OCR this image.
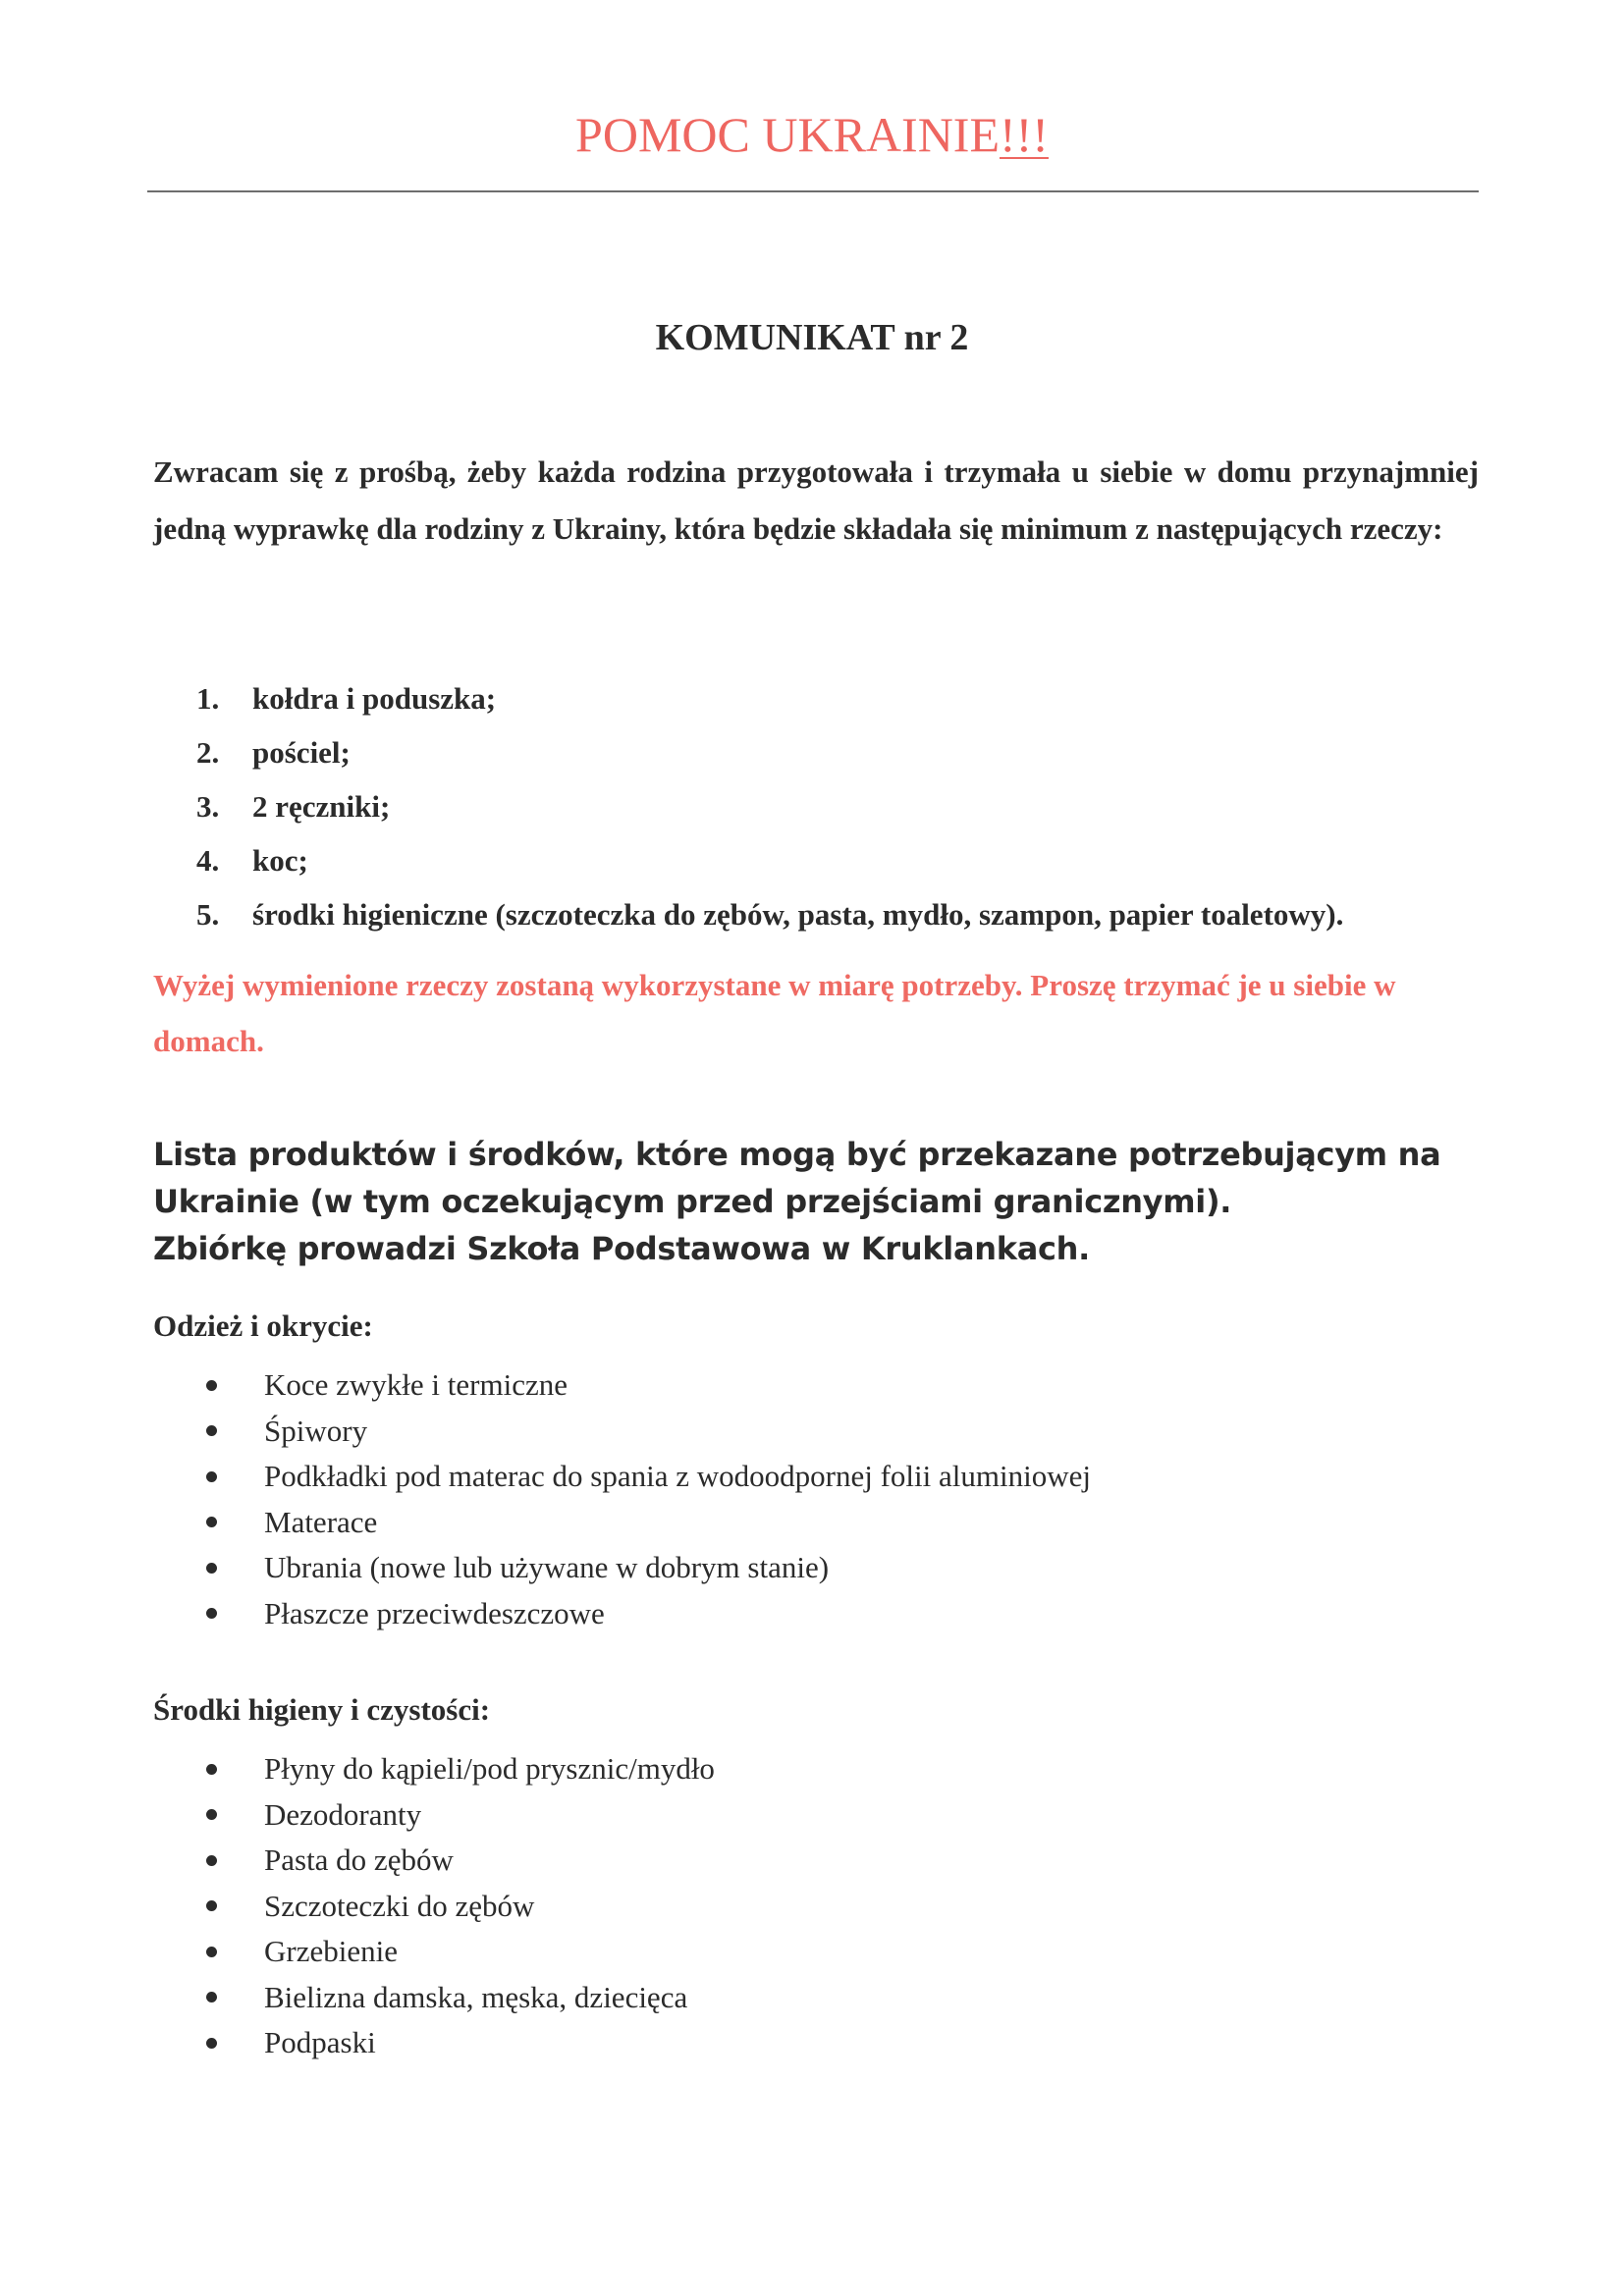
POMOC UKRAINIE!!!
KOMUNIKAT nr 2
Zwracam się z prośbą, żeby każda rodzina przygotowała i trzymała u siebie w domu przynajmniej jedną wyprawkę dla rodziny z Ukrainy, która będzie składała się minimum z następujących rzeczy:
1.	kołdra i poduszka;
2.	pościel;
3.	2 ręczniki;
4.	koc;
5.	środki higieniczne (szczoteczka do zębów, pasta, mydło, szampon, papier toaletowy).
Wyżej wymienione rzeczy zostaną wykorzystane w miarę potrzeby. Proszę trzymać je u siebie w domach.
Lista produktów i środków, które mogą być przekazane potrzebującym na Ukrainie (w tym oczekującym przed przejściami granicznymi).
Zbiórkę prowadzi Szkoła Podstawowa w Kruklankach.
Odzież i okrycie:
Koce zwykłe i termiczne
Śpiwory
Podkładki pod materac do spania z wodoodpornej folii aluminiowej
Materace
Ubrania (nowe lub używane w dobrym stanie)
Płaszcze przeciwdeszczowe
Środki higieny i czystości:
Płyny do kąpieli/pod prysznic/mydło
Dezodoranty
Pasta do zębów
Szczoteczki do zębów
Grzebienie
Bielizna damska, męska, dziecięca
Podpaski
